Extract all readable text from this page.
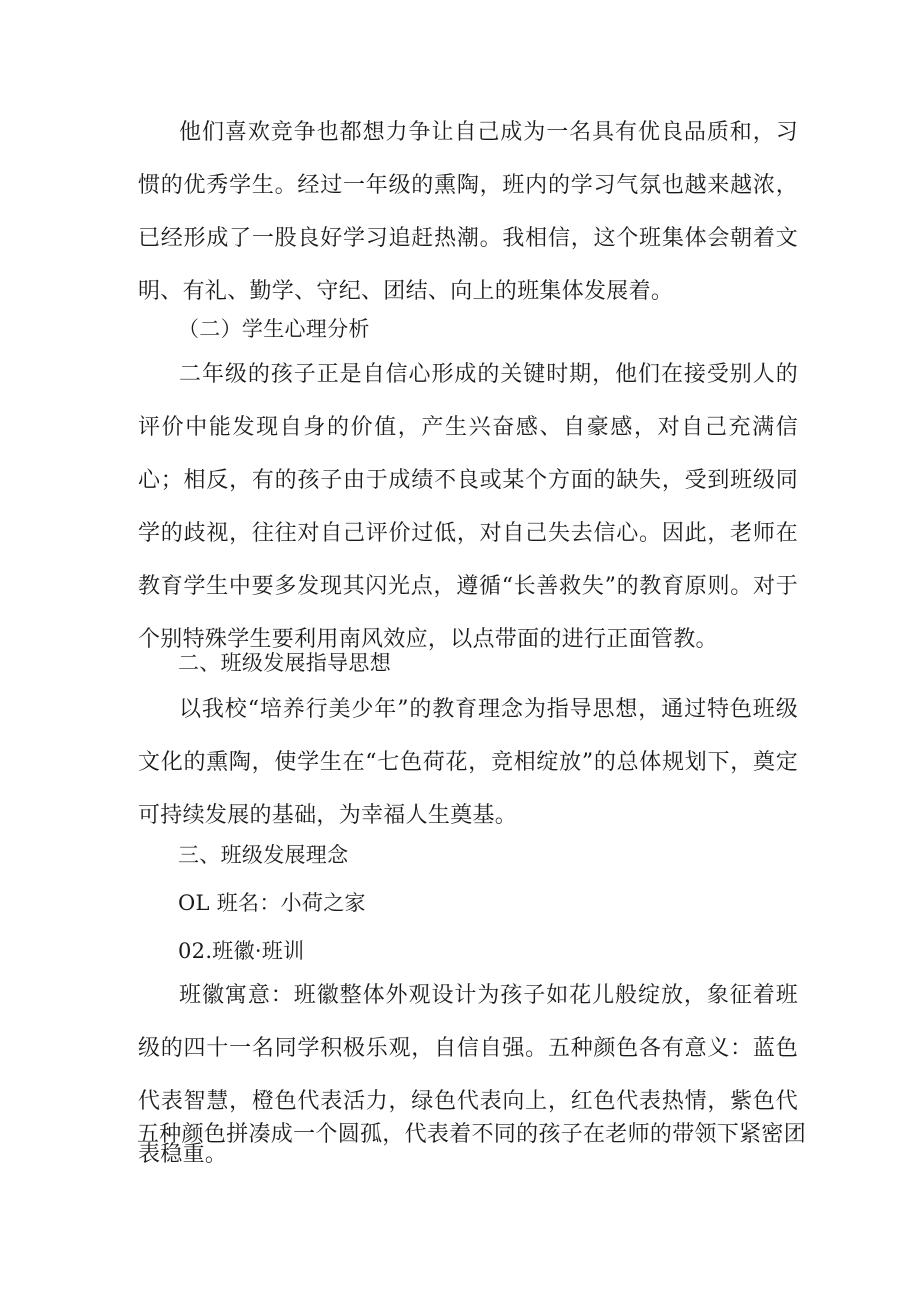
他们喜欢竞争也都想力争让自己成为一名具有优良品质和，习惯的优秀学生。经过一年级的熏陶，班内的学习气氛也越来越浓，已经形成了一股良好学习追赶热潮。我相信，这个班集体会朝着文明、有礼、勤学、守纪、团结、向上的班集体发展着。

（二）学生心理分析

二年级的孩子正是自信心形成的关键时期，他们在接受别人的评价中能发现自身的价值，产生兴奋感、自豪感，对自己充满信心；相反，有的孩子由于成绩不良或某个方面的缺失，受到班级同学的歧视，往往对自己评价过低，对自己失去信心。因此，老师在教育学生中要多发现其闪光点，遵循“长善救失”的教育原则。对于个别特殊学生要利用南风效应，以点带面的进行正面管教。

二、班级发展指导思想

以我校“培养行美少年”的教育理念为指导思想，通过特色班级文化的熏陶，使学生在“七色荷花，竞相绽放”的总体规划下，奠定可持续发展的基础，为幸福人生奠基。

三、班级发展理念

OL 班名：小荷之家

02.班徽·班训

班徽寓意：班徽整体外观设计为孩子如花儿般绽放，象征着班级的四十一名同学积极乐观，自信自强。五种颜色各有意义：蓝色代表智慧，橙色代表活力，绿色代表向上，红色代表热情，紫色代表稳重。

五种颜色拼凑成一个圆孤，代表着不同的孩子在老师的带领下紧密团
